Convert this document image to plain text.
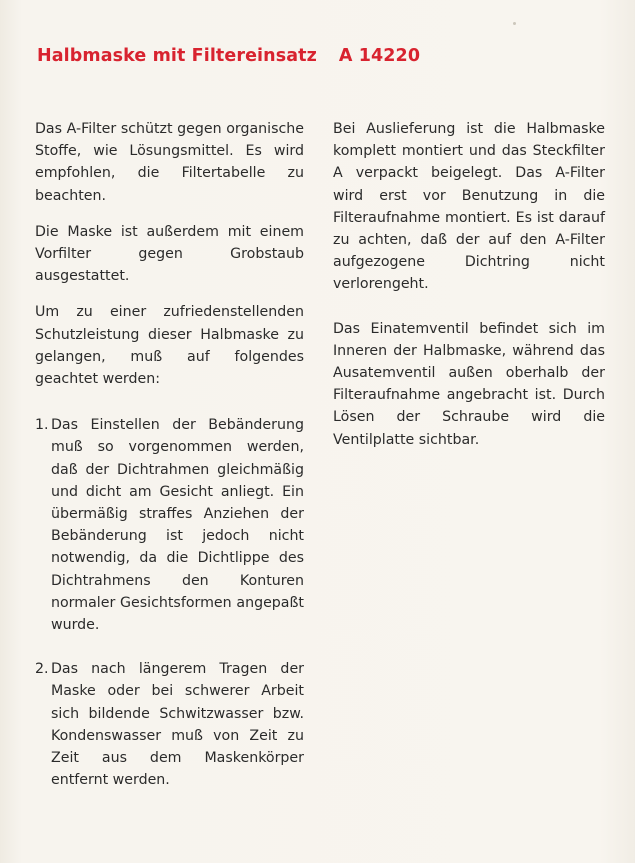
Halbmaske mit Filtereinsatz A 14220

Das A-Filter schützt gegen organische Stoffe, wie Lösungsmittel. Es wird empfohlen, die Filtertabelle zu beachten.

Die Maske ist außerdem mit einem Vorfilter gegen Grobstaub ausgestattet.

Um zu einer zufriedenstellenden Schutzleistung dieser Halbmaske zu gelangen, muß auf folgendes geachtet werden:

1. Das Einstellen der Bebänderung muß so vorgenommen werden, daß der Dichtrahmen gleichmäßig und dicht am Gesicht anliegt. Ein übermäßig straffes Anziehen der Bebänderung ist jedoch nicht notwendig, da die Dichtlippe des Dichtrahmens den Konturen normaler Gesichtsformen angepaßt wurde.
2. Das nach längerem Tragen der Maske oder bei schwerer Arbeit sich bildende Schwitzwasser bzw. Kondenswasser muß von Zeit zu Zeit aus dem Maskenkörper entfernt werden.

Bei Auslieferung ist die Halbmaske komplett montiert und das Steckfilter A verpackt beigelegt. Das A-Filter wird erst vor Benutzung in die Filteraufnahme montiert. Es ist darauf zu achten, daß der auf den A-Filter aufgezogene Dichtring nicht verlorengeht.

Das Einatemventil befindet sich im Inneren der Halbmaske, während das Ausatemventil außen oberhalb der Filteraufnahme angebracht ist. Durch Lösen der Schraube wird die Ventilplatte sichtbar.
